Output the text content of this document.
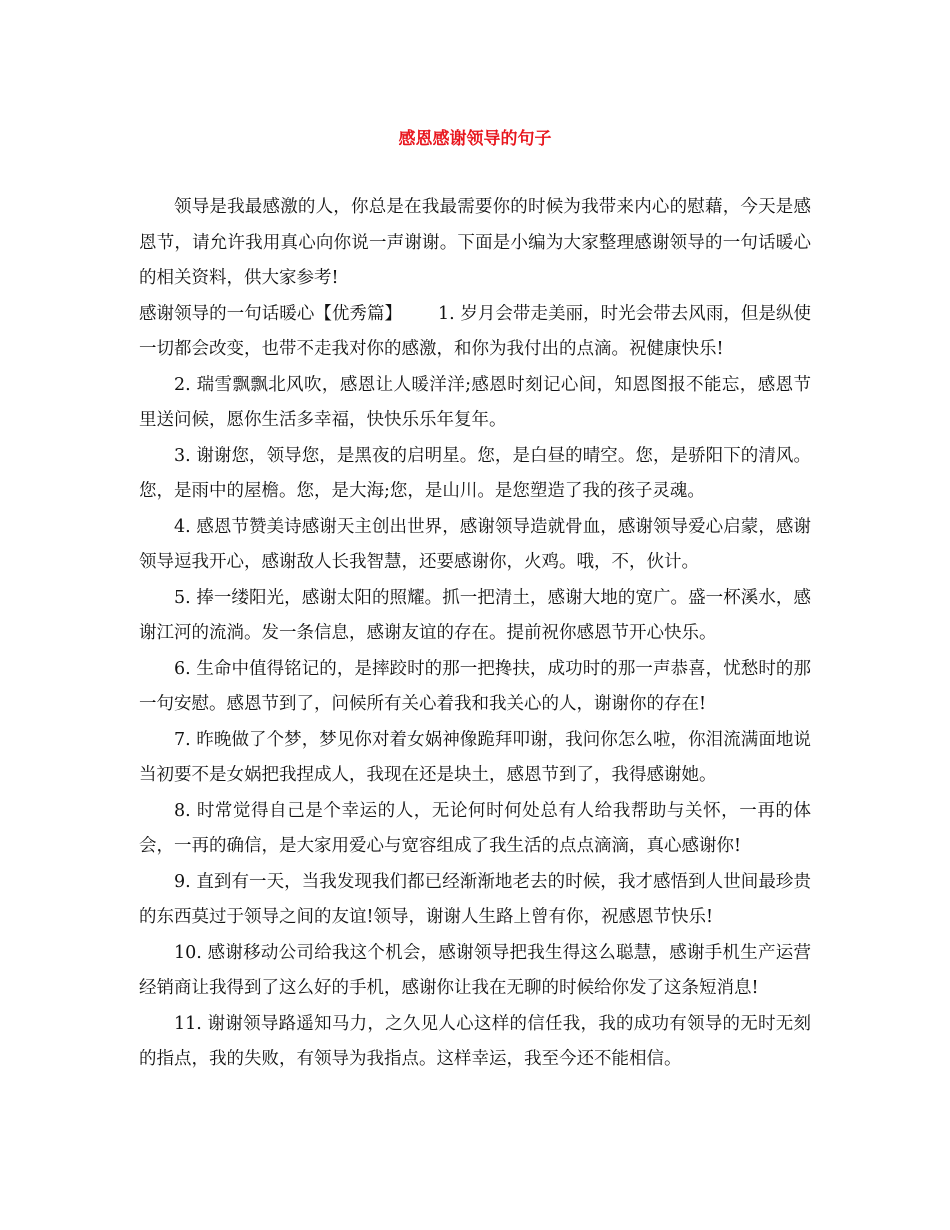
感恩感谢领导的句子

领导是我最感激的人，你总是在我最需要你的时候为我带来内心的慰藉，今天是感恩节，请允许我用真心向你说一声谢谢。下面是小编为大家整理感谢领导的一句话暖心的相关资料，供大家参考!

感谢领导的一句话暖心【优秀篇】 1. 岁月会带走美丽，时光会带去风雨，但是纵使一切都会改变，也带不走我对你的感激，和你为我付出的点滴。祝健康快乐!

2. 瑞雪飘飘北风吹，感恩让人暖洋洋;感恩时刻记心间，知恩图报不能忘，感恩节里送问候，愿你生活多幸福，快快乐乐年复年。

3. 谢谢您，领导您，是黑夜的启明星。您，是白昼的晴空。您，是骄阳下的清风。您，是雨中的屋檐。您，是大海;您，是山川。是您塑造了我的孩子灵魂。

4. 感恩节赞美诗感谢天主创出世界，感谢领导造就骨血，感谢领导爱心启蒙，感谢领导逗我开心，感谢敌人长我智慧，还要感谢你，火鸡。哦，不，伙计。

5. 捧一缕阳光，感谢太阳的照耀。抓一把清土，感谢大地的宽广。盛一杯溪水，感谢江河的流淌。发一条信息，感谢友谊的存在。提前祝你感恩节开心快乐。

6. 生命中值得铭记的，是摔跤时的那一把搀扶，成功时的那一声恭喜，忧愁时的那一句安慰。感恩节到了，问候所有关心着我和我关心的人，谢谢你的存在!

7. 昨晚做了个梦，梦见你对着女娲神像跪拜叩谢，我问你怎么啦，你泪流满面地说当初要不是女娲把我捏成人，我现在还是块土，感恩节到了，我得感谢她。

8. 时常觉得自己是个幸运的人，无论何时何处总有人给我帮助与关怀，一再的体会，一再的确信，是大家用爱心与宽容组成了我生活的点点滴滴，真心感谢你!

9. 直到有一天，当我发现我们都已经渐渐地老去的时候，我才感悟到人世间最珍贵的东西莫过于领导之间的友谊!领导，谢谢人生路上曾有你，祝感恩节快乐!

10. 感谢移动公司给我这个机会，感谢领导把我生得这么聪慧，感谢手机生产运营经销商让我得到了这么好的手机，感谢你让我在无聊的时候给你发了这条短消息!

11. 谢谢领导路遥知马力，之久见人心这样的信任我，我的成功有领导的无时无刻的指点，我的失败，有领导为我指点。这样幸运，我至今还不能相信。
